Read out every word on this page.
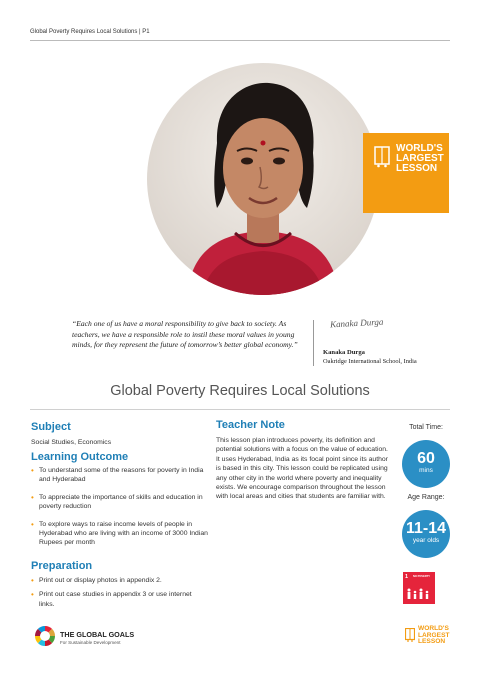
Global Poverty Requires Local Solutions | P1
WORLD'S
LARGEST
LESSON
“Each one of us have a moral responsibility to give back to society. As teachers, we have a responsible role to instil these moral values in young minds, for they represent the future of tomorrow’s better global economy.”
Kanaka Durga
Kanaka Durga
Oakridge International School, India
Global Poverty Requires Local Solutions
Subject
Social Studies, Economics
Learning Outcome
• To understand some of the reasons for poverty in India and Hyderabad
• To appreciate the importance of skills and education in poverty reduction
• To explore ways to raise income levels of people in Hyderabad who are living with an income of 3000 Indian Rupees per month
Preparation
• Print out or display photos in appendix 2.
• Print out case studies in appendix 3 or use internet links.
Teacher Note
This lesson plan introduces poverty, its definition and potential solutions with a focus on the value of education. It uses Hyderabad, India as its focal point since its author is based in this city. This lesson could be replicated using any other city in the world where poverty and inequality exists. We encourage comparison throughout the lesson with local areas and cities that students are familiar with.
Total Time:
60
mins
Age Range:
11-14
year olds
1 NO POVERTY
THE GLOBAL GOALS
For Sustainable Development
WORLD'S
LARGEST
LESSON
